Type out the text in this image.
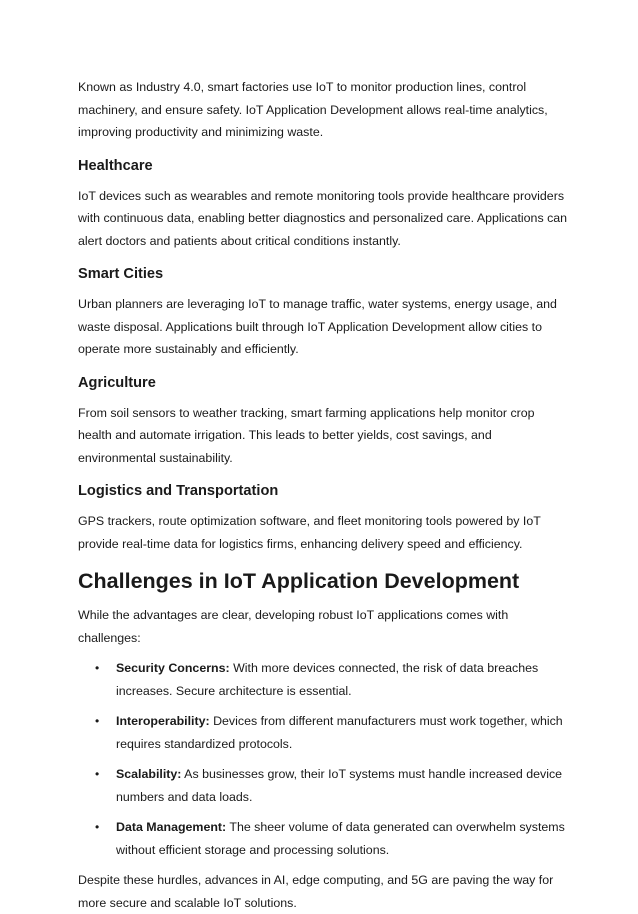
Known as Industry 4.0, smart factories use IoT to monitor production lines, control machinery, and ensure safety. IoT Application Development allows real-time analytics, improving productivity and minimizing waste.

Healthcare

IoT devices such as wearables and remote monitoring tools provide healthcare providers with continuous data, enabling better diagnostics and personalized care. Applications can alert doctors and patients about critical conditions instantly.

Smart Cities

Urban planners are leveraging IoT to manage traffic, water systems, energy usage, and waste disposal. Applications built through IoT Application Development allow cities to operate more sustainably and efficiently.

Agriculture

From soil sensors to weather tracking, smart farming applications help monitor crop health and automate irrigation. This leads to better yields, cost savings, and environmental sustainability.

Logistics and Transportation

GPS trackers, route optimization software, and fleet monitoring tools powered by IoT provide real-time data for logistics firms, enhancing delivery speed and efficiency.

Challenges in IoT Application Development

While the advantages are clear, developing robust IoT applications comes with challenges:

• Security Concerns: With more devices connected, the risk of data breaches increases. Secure architecture is essential.
• Interoperability: Devices from different manufacturers must work together, which requires standardized protocols.
• Scalability: As businesses grow, their IoT systems must handle increased device numbers and data loads.
• Data Management: The sheer volume of data generated can overwhelm systems without efficient storage and processing solutions.

Despite these hurdles, advances in AI, edge computing, and 5G are paving the way for more secure and scalable IoT solutions.
